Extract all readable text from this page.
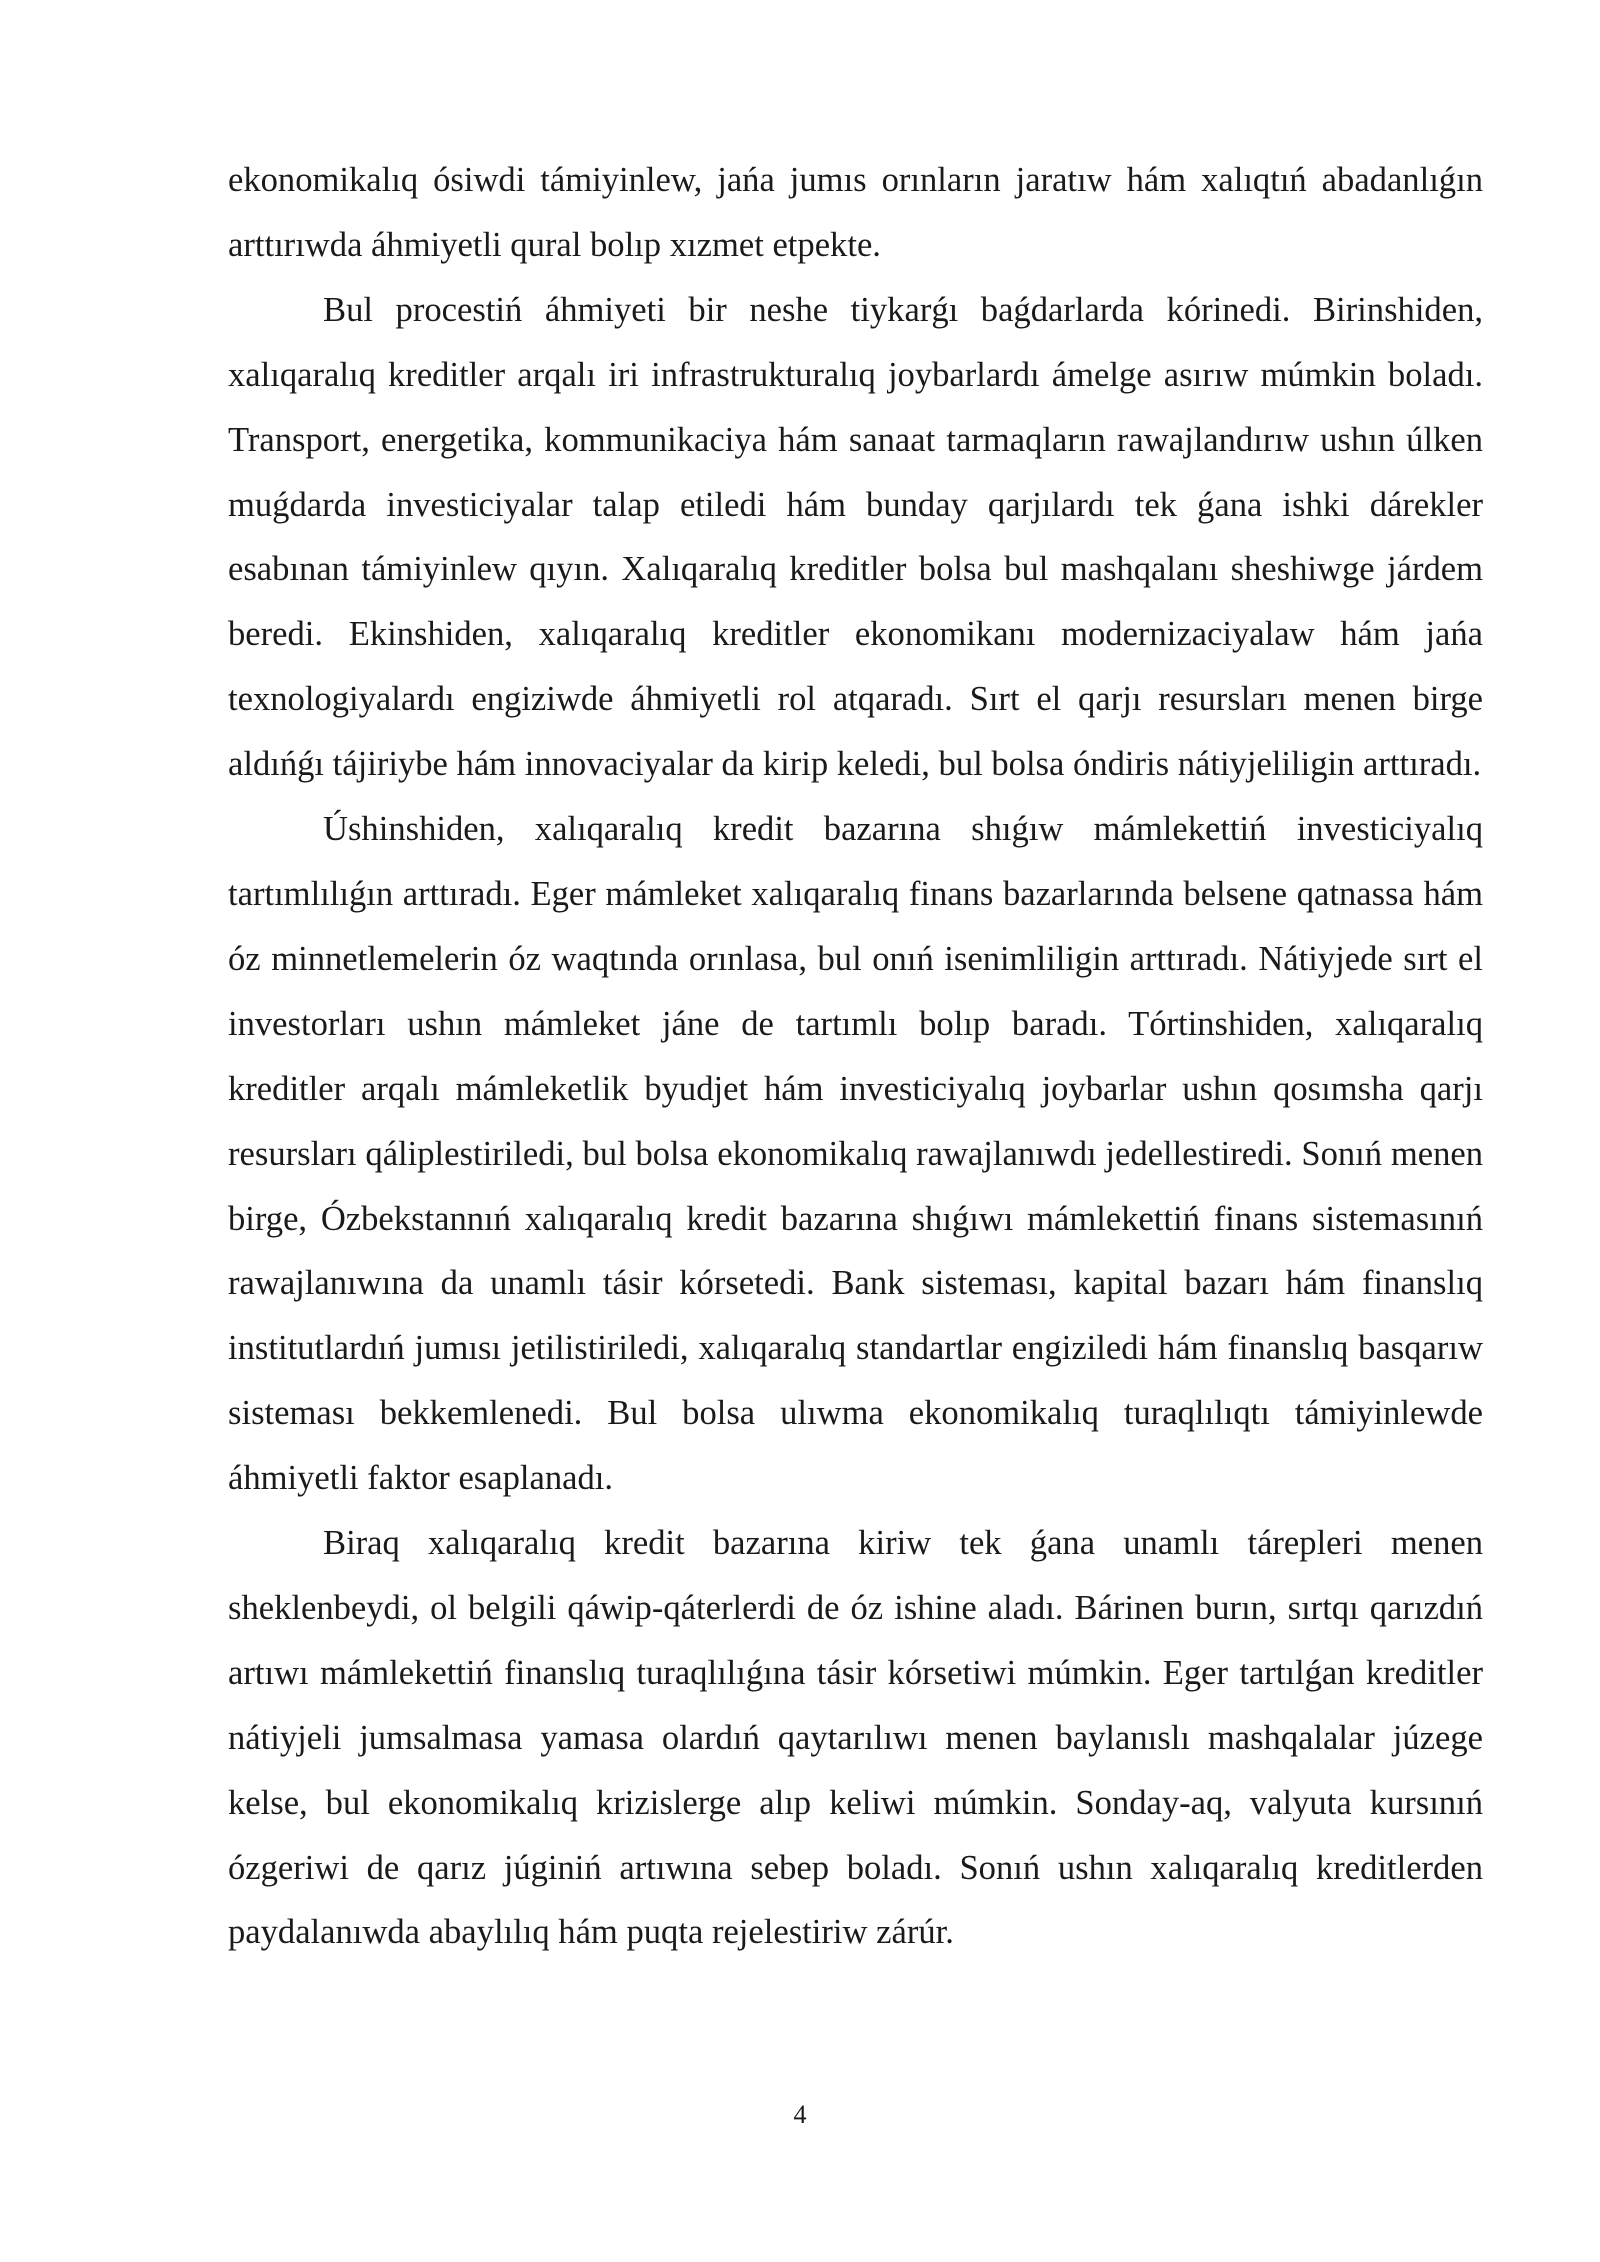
ekonomikalıq ósiwdi támiyinlew, jańa jumıs orınların jaratıw hám xalıqtıń abadanlıǵın arttırıwda áhmiyetli qural bolıp xızmet etpekte.

Bul procestiń áhmiyeti bir neshe tiykarǵı baǵdarlarda kórinedi. Birinshiden, xalıqaralıq kreditler arqalı iri infrastrukturalıq joybarlardı ámelge asırıw múmkin boladı. Transport, energetika, kommunikaciya hám sanaat tarmaqların rawajlandırıw ushın úlken muǵdarda investiciyalar talap etiledi hám bunday qarjılardı tek ǵana ishki dárekler esabınan támiyinlew qıyın. Xalıqaralıq kreditler bolsa bul mashqalanı sheshiwge járdem beredi. Ekinshiden, xalıqaralıq kreditler ekonomikanı modernizaciyalaw hám jańa texnologiyalardı engiziwde áhmiyetli rol atqaradı. Sırt el qarjı resursları menen birge aldıńǵı tájiriybe hám innovaciyalar da kirip keledi, bul bolsa óndiris nátiyjeliligin arttıradı.

Úshinshiden, xalıqaralıq kredit bazarına shıǵıw mámlekettiń investiciyalıq tartımlılıǵın arttıradı. Eger mámleket xalıqaralıq finans bazarlarında belsene qatnassa hám óz minnetlemelerin óz waqtında orınlasa, bul onıń isenimliligin arttıradı. Nátiyjede sırt el investorları ushın mámleket jáne de tartımlı bolıp baradı. Tórtinshiden, xalıqaralıq kreditler arqalı mámleketlik byudjet hám investiciyalıq joybarlar ushın qosımsha qarjı resursları qáliplestiriledi, bul bolsa ekonomikalıq rawajlanıwdı jedellestiredi. Sonıń menen birge, Ózbekstannıń xalıqaralıq kredit bazarına shıǵıwı mámlekettiń finans sistemasınıń rawajlanıwına da unamlı tásir kórsetedi. Bank sisteması, kapital bazarı hám finanslıq institutlardıń jumısı jetilistiriledi, xalıqaralıq standartlar engiziledi hám finanslıq basqarıw sisteması bekkemlenedi. Bul bolsa ulıwma ekonomikalıq turaqlılıqtı támiyinlewde áhmiyetli faktor esaplanadı.

Biraq xalıqaralıq kredit bazarına kiriw tek ǵana unamlı tárepleri menen sheklenbeydi, ol belgili qáwip-qáterlerdi de óz ishine aladı. Bárinen burın, sırtqı qarızdıń artıwı mámlekettiń finanslıq turaqlılıǵına tásir kórsetiwi múmkin. Eger tartılǵan kreditler nátiyjeli jumsalmasa yamasa olardıń qaytarılıwı menen baylanıslı mashqalalar júzege kelse, bul ekonomikalıq krizislerge alıp keliwi múmkin. Sonday-aq, valyuta kursınıń ózgeriwi de qarız júginiń artıwına sebep boladı. Sonıń ushın xalıqaralıq kreditlerden paydalanıwda abaylılıq hám puqta rejelestiriw zárúr.

4
